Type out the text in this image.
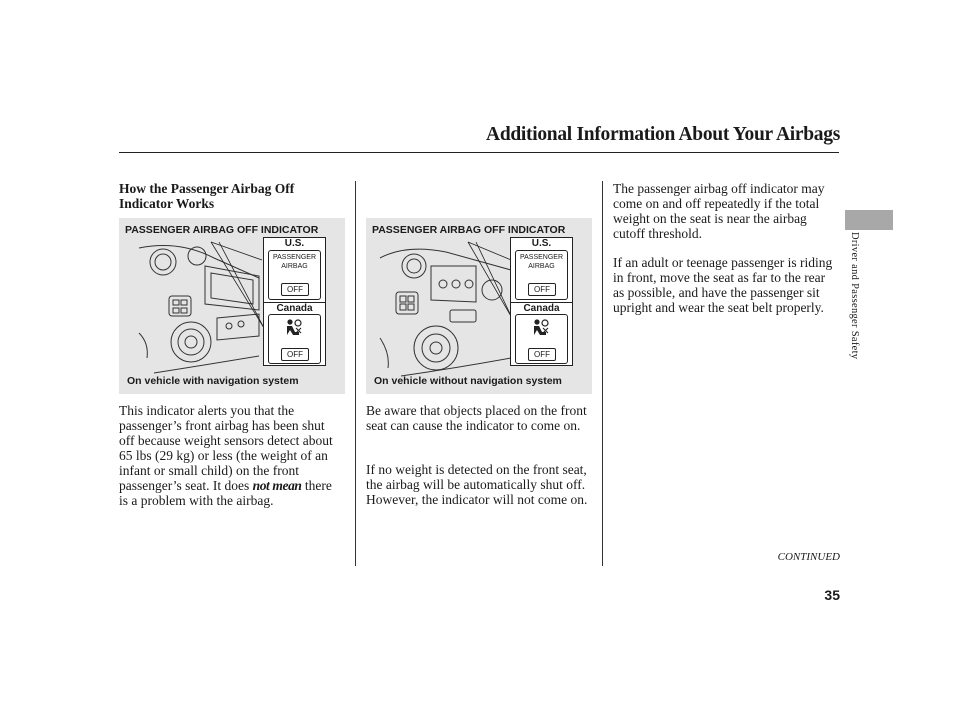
Additional Information About Your Airbags
How the Passenger Airbag Off Indicator Works
PASSENGER AIRBAG OFF INDICATOR
U.S.
PASSENGER
AIRBAG
OFF
Canada
OFF
On vehicle with navigation system
PASSENGER AIRBAG OFF INDICATOR
U.S.
PASSENGER
AIRBAG
OFF
Canada
OFF
On vehicle without navigation system
This indicator alerts you that the passenger’s front airbag has been shut off because weight sensors detect about 65 lbs (29 kg) or less (the weight of an infant or small child) on the front passenger’s seat. It does not mean there is a problem with the airbag.
Be aware that objects placed on the front seat can cause the indicator to come on.
If no weight is detected on the front seat, the airbag will be automatically shut off. However, the indicator will not come on.
The passenger airbag off indicator may come on and off repeatedly if the total weight on the seat is near the airbag cutoff threshold.
If an adult or teenage passenger is riding in front, move the seat as far to the rear as possible, and have the passenger sit upright and wear the seat belt properly.	Driver and Passenger Safety
CONTINUED
35
